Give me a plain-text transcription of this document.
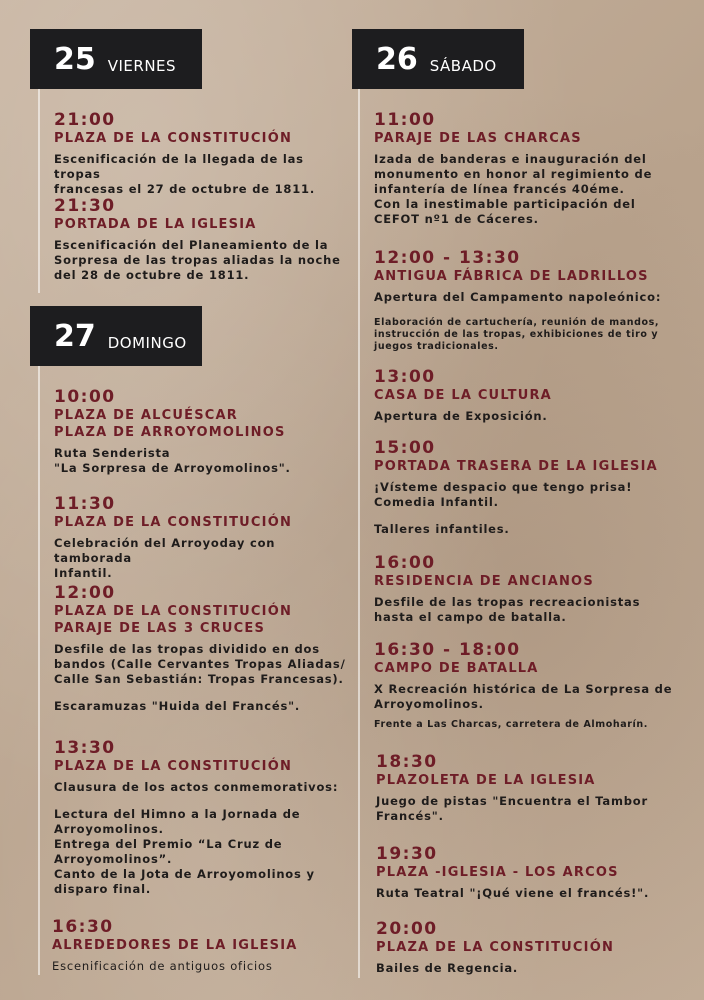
25 VIERNES	26 SÁBADO
27 DOMINGO
21:00
PLAZA DE LA CONSTITUCIÓN
Escenificación de la llegada de las tropas
francesas el 27 de octubre de 1811.
21:30
PORTADA DE LA IGLESIA
Escenificación del Planeamiento de la
Sorpresa de las tropas aliadas la noche
del 28 de octubre de 1811.
10:00
PLAZA DE ALCUÉSCAR
PLAZA DE ARROYOMOLINOS
Ruta Senderista
"La Sorpresa de Arroyomolinos".
11:30
PLAZA DE LA CONSTITUCIÓN
Celebración del Arroyoday con tamborada
Infantil.
12:00
PLAZA DE LA CONSTITUCIÓN
PARAJE DE LAS 3 CRUCES
Desfile de las tropas dividido en dos
bandos (Calle Cervantes Tropas Aliadas/
Calle San Sebastián: Tropas Francesas).
Escaramuzas "Huida del Francés".
13:30
PLAZA DE LA CONSTITUCIÓN
Clausura de los actos conmemorativos:
Lectura del Himno a la Jornada de
Arroyomolinos.
Entrega del Premio “La Cruz de
Arroyomolinos”.
Canto de la Jota de Arroyomolinos y
disparo final.
16:30
ALREDEDORES DE LA IGLESIA
Escenificación de antiguos oficios
11:00
PARAJE DE LAS CHARCAS
Izada de banderas e inauguración del
monumento en honor al regimiento de
infantería de línea francés 40éme.
Con la inestimable participación del
CEFOT nº1 de Cáceres.
12:00 - 13:30
ANTIGUA FÁBRICA DE LADRILLOS
Apertura del Campamento napoleónico:
Elaboración de cartuchería, reunión de mandos,
instrucción de las tropas, exhibiciones de tiro y
juegos tradicionales.
13:00
CASA DE LA CULTURA
Apertura de Exposición.
15:00
PORTADA TRASERA DE LA IGLESIA
¡Vísteme despacio que tengo prisa!
Comedia Infantil.
Talleres infantiles.
16:00
RESIDENCIA DE ANCIANOS
Desfile de las tropas recreacionistas
hasta el campo de batalla.
16:30 - 18:00
CAMPO DE BATALLA
X Recreación histórica de La Sorpresa de
Arroyomolinos.
Frente a Las Charcas, carretera de Almoharín.
18:30
PLAZOLETA DE LA IGLESIA
Juego de pistas "Encuentra el Tambor
Francés".
19:30
PLAZA -IGLESIA - LOS ARCOS
Ruta Teatral "¡Qué viene el francés!".
20:00
PLAZA DE LA CONSTITUCIÓN
Bailes de Regencia.
